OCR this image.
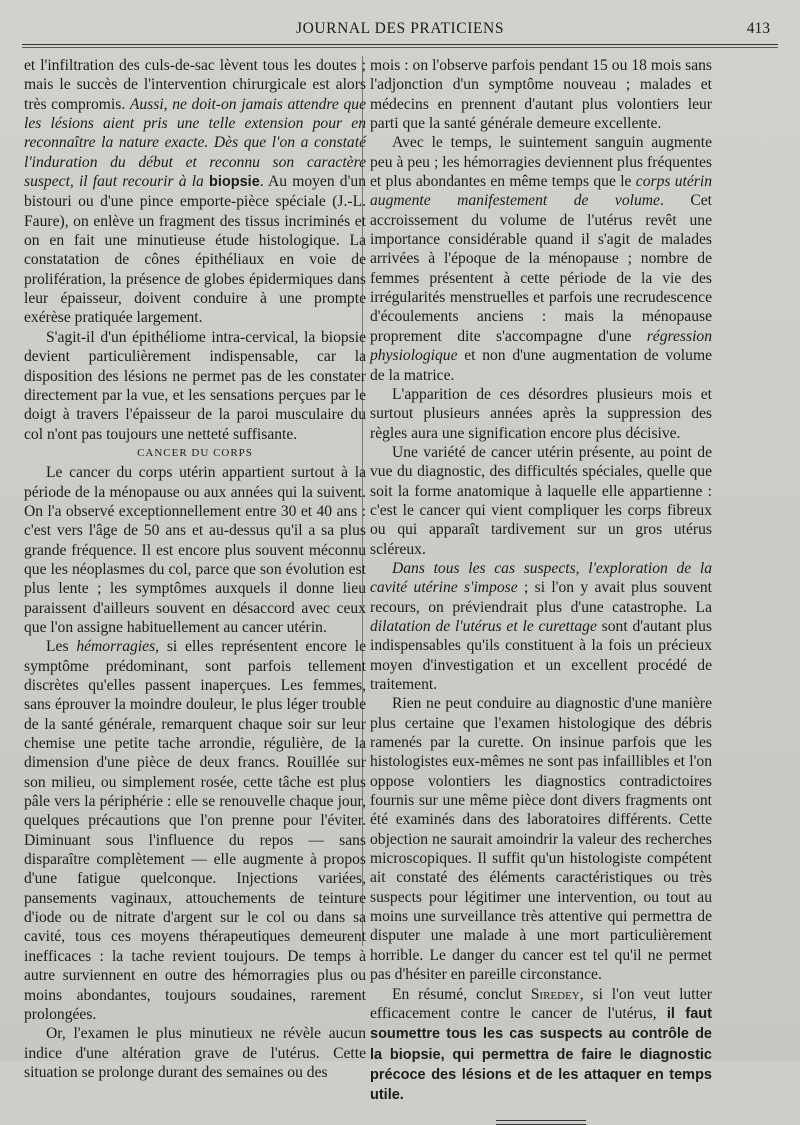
JOURNAL DES PRATICIENS	413

et l'infiltration des culs-de-sac lèvent tous les doutes ; mais le succès de l'intervention chirurgicale est alors très compromis. Aussi, ne doit-on jamais attendre que les lésions aient pris une telle extension pour en reconnaître la nature exacte. Dès que l'on a constaté l'induration du début et reconnu son caractère suspect, il faut recourir à la biopsie. Au moyen d'un bistouri ou d'une pince emporte-pièce spéciale (J.-L. Faure), on enlève un fragment des tissus incriminés et on en fait une minutieuse étude histologique. La constatation de cônes épithéliaux en voie de prolifération, la présence de globes épidermiques dans leur épaisseur, doivent conduire à une prompte exérèse pratiquée largement.

S'agit-il d'un épithéliome intra-cervical, la biopsie devient particulièrement indispensable, car la disposition des lésions ne permet pas de les constater directement par la vue, et les sensations perçues par le doigt à travers l'épaisseur de la paroi musculaire du col n'ont pas toujours une netteté suffisante.

CANCER DU CORPS

Le cancer du corps utérin appartient surtout à la période de la ménopause ou aux années qui la suivent. On l'a observé exceptionnellement entre 30 et 40 ans : c'est vers l'âge de 50 ans et au-dessus qu'il a sa plus grande fréquence. Il est encore plus souvent méconnu que les néoplasmes du col, parce que son évolution est plus lente ; les symptômes auxquels il donne lieu paraissent d'ailleurs souvent en désaccord avec ceux que l'on assigne habituellement au cancer utérin.

Les hémorragies, si elles représentent encore le symptôme prédominant, sont parfois tellement discrètes qu'elles passent inaperçues. Les femmes, sans éprouver la moindre douleur, le plus léger trouble de la santé générale, remarquent chaque soir sur leur chemise une petite tache arrondie, régulière, de la dimension d'une pièce de deux francs. Rouillée sur son milieu, ou simplement rosée, cette tâche est plus pâle vers la périphérie : elle se renouvelle chaque jour, quelques précautions que l'on prenne pour l'éviter. Diminuant sous l'influence du repos — sans disparaître complètement — elle augmente à propos d'une fatigue quelconque. Injections variées, pansements vaginaux, attouchements de teinture d'iode ou de nitrate d'argent sur le col ou dans sa cavité, tous ces moyens thérapeutiques demeurent inefficaces : la tache revient toujours. De temps à autre surviennent en outre des hémorragies plus ou moins abondantes, toujours soudaines, rarement prolongées.

Or, l'examen le plus minutieux ne révèle aucun indice d'une altération grave de l'utérus. Cette situation se prolonge durant des semaines ou des

mois : on l'observe parfois pendant 15 ou 18 mois sans l'adjonction d'un symptôme nouveau ; malades et médecins en prennent d'autant plus volontiers leur parti que la santé générale demeure excellente.

Avec le temps, le suintement sanguin augmente peu à peu ; les hémorragies deviennent plus fréquentes et plus abondantes en même temps que le corps utérin augmente manifestement de volume. Cet accroissement du volume de l'utérus revêt une importance considérable quand il s'agit de malades arrivées à l'époque de la ménopause ; nombre de femmes présentent à cette période de la vie des irrégularités menstruelles et parfois une recrudescence d'écoulements anciens : mais la ménopause proprement dite s'accompagne d'une régression physiologique et non d'une augmentation de volume de la matrice.

L'apparition de ces désordres plusieurs mois et surtout plusieurs années après la suppression des règles aura une signification encore plus décisive.

Une variété de cancer utérin présente, au point de vue du diagnostic, des difficultés spéciales, quelle que soit la forme anatomique à laquelle elle appartienne : c'est le cancer qui vient compliquer les corps fibreux ou qui apparaît tardivement sur un gros utérus scléreux.

Dans tous les cas suspects, l'exploration de la cavité utérine s'impose ; si l'on y avait plus souvent recours, on préviendrait plus d'une catastrophe. La dilatation de l'utérus et le curettage sont d'autant plus indispensables qu'ils constituent à la fois un précieux moyen d'investigation et un excellent procédé de traitement.

Rien ne peut conduire au diagnostic d'une manière plus certaine que l'examen histologique des débris ramenés par la curette. On insinue parfois que les histologistes eux-mêmes ne sont pas infaillibles et l'on oppose volontiers les diagnostics contradictoires fournis sur une même pièce dont divers fragments ont été examinés dans des laboratoires différents. Cette objection ne saurait amoindrir la valeur des recherches microscopiques. Il suffit qu'un histologiste compétent ait constaté des éléments caractéristiques ou très suspects pour légitimer une intervention, ou tout au moins une surveillance très attentive qui permettra de disputer une malade à une mort particulièrement horrible. Le danger du cancer est tel qu'il ne permet pas d'hésiter en pareille circonstance.

En résumé, conclut Siredey, si l'on veut lutter efficacement contre le cancer de l'utérus, il faut soumettre tous les cas suspects au contrôle de la biopsie, qui permettra de faire le diagnostic précoce des lésions et de les attaquer en temps utile.
